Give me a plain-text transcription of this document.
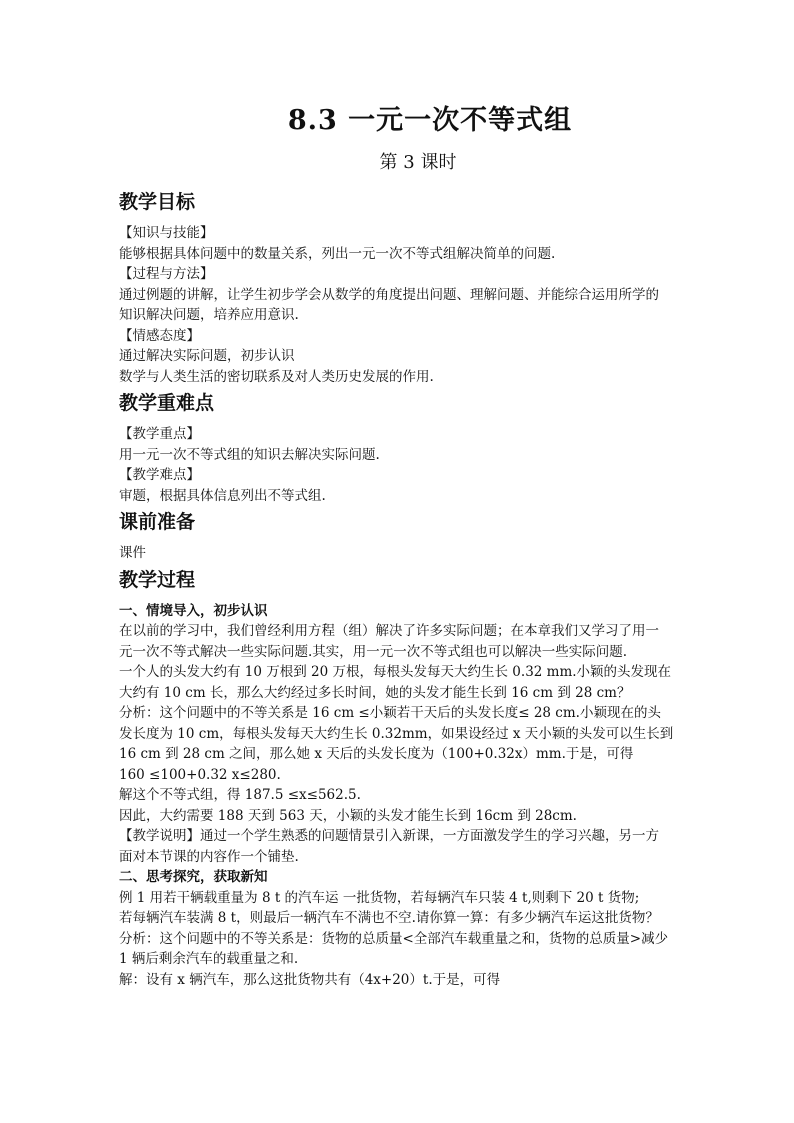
8.3 一元一次不等式组
第 3 课时
教学目标

【知识与技能】

能够根据具体问题中的数量关系，列出一元一次不等式组解决简单的问题.

【过程与方法】

通过例题的讲解，让学生初步学会从数学的角度提出问题、理解问题、并能综合运用所学的

知识解决问题，培养应用意识.

【情感态度】

通过解决实际问题，初步认识

数学与人类生活的密切联系及对人类历史发展的作用.

教学重难点

【教学重点】

用一元一次不等式组的知识去解决实际问题.

【教学难点】

审题，根据具体信息列出不等式组.

课前准备

课件

教学过程

一、情境导入，初步认识

在以前的学习中，我们曾经利用方程（组）解决了许多实际问题；在本章我们又学习了用一

元一次不等式解决一些实际问题.其实，用一元一次不等式组也可以解决一些实际问题.

一个人的头发大约有 10 万根到 20 万根，每根头发每天大约生长 0.32 mm.小颖的头发现在

大约有 10 cm 长，那么大约经过多长时间，她的头发才能生长到 16 cm 到 28 cm？

分析：这个问题中的不等关系是 16 cm ≤小颖若干天后的头发长度≤ 28 cm.小颖现在的头

发长度为 10 cm，每根头发每天大约生长 0.32mm，如果设经过 x 天小颖的头发可以生长到

16 cm 到 28 cm 之间，那么她 x 天后的头发长度为（100+0.32x）mm.于是，可得

160 ≤100+0.32 x≤280.

解这个不等式组，得 187.5 ≤x≤562.5.

因此，大约需要 188 天到 563 天，小颖的头发才能生长到 16cm 到 28cm.

【教学说明】通过一个学生熟悉的问题情景引入新课，一方面激发学生的学习兴趣，另一方

面对本节课的内容作一个铺垫.

二、思考探究，获取新知

例 1 用若干辆载重量为 8 t 的汽车运 一批货物，若每辆汽车只装 4 t,则剩下 20 t 货物;

若每辆汽车装满 8 t，则最后一辆汽车不满也不空.请你算一算：有多少辆汽车运这批货物？

分析：这个问题中的不等关系是：货物的总质量<全部汽车载重量之和，货物的总质量>减少

1 辆后剩余汽车的载重量之和.

解：设有 x 辆汽车，那么这批货物共有（4x+20）t.于是，可得
